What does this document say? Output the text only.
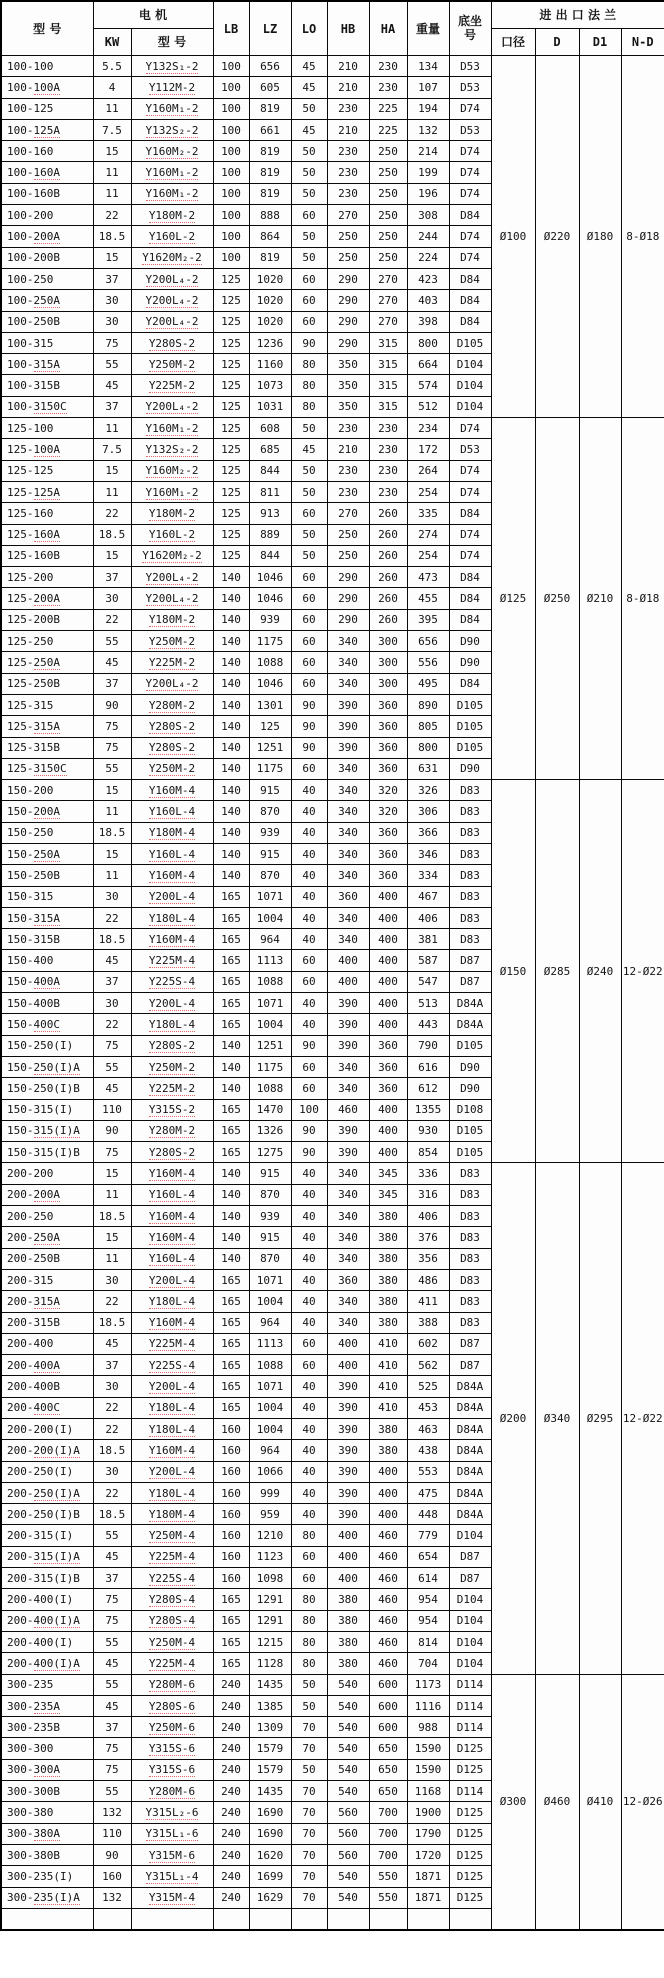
型 号	电 机		LB	LZ	LO	HB	HA	重量	底坐
号	进 出 口 法 兰			
	KW	型 号								口径	D	D1	N-D
100-100	5.5	Y132S₁-2	100	656	45	210	230	134	D53	Ø100	Ø220	Ø180	8-Ø18
100-100A	4	Y112M-2	100	605	45	210	230	107	D53				
100-125	11	Y160M₁-2	100	819	50	230	225	194	D74				
100-125A	7.5	Y132S₂-2	100	661	45	210	225	132	D53				
100-160	15	Y160M₂-2	100	819	50	230	250	214	D74				
100-160A	11	Y160M₁-2	100	819	50	230	250	199	D74				
100-160B	11	Y160M₁-2	100	819	50	230	250	196	D74				
100-200	22	Y180M-2	100	888	60	270	250	308	D84				
100-200A	18.5	Y160L-2	100	864	50	250	250	244	D74				
100-200B	15	Y1620M₂-2	100	819	50	250	250	224	D74				
100-250	37	Y200L₄-2	125	1020	60	290	270	423	D84				
100-250A	30	Y200L₄-2	125	1020	60	290	270	403	D84				
100-250B	30	Y200L₄-2	125	1020	60	290	270	398	D84				
100-315	75	Y280S-2	125	1236	90	290	315	800	D105				
100-315A	55	Y250M-2	125	1160	80	350	315	664	D104				
100-315B	45	Y225M-2	125	1073	80	350	315	574	D104				
100-3150C	37	Y200L₄-2	125	1031	80	350	315	512	D104				
125-100	11	Y160M₁-2	125	608	50	230	230	234	D74	Ø125	Ø250	Ø210	8-Ø18
125-100A	7.5	Y132S₂-2	125	685	45	210	230	172	D53				
125-125	15	Y160M₂-2	125	844	50	230	230	264	D74				
125-125A	11	Y160M₁-2	125	811	50	230	230	254	D74				
125-160	22	Y180M-2	125	913	60	270	260	335	D84				
125-160A	18.5	Y160L-2	125	889	50	250	260	274	D74				
125-160B	15	Y1620M₂-2	125	844	50	250	260	254	D74				
125-200	37	Y200L₄-2	140	1046	60	290	260	473	D84				
125-200A	30	Y200L₄-2	140	1046	60	290	260	455	D84				
125-200B	22	Y180M-2	140	939	60	290	260	395	D84				
125-250	55	Y250M-2	140	1175	60	340	300	656	D90				
125-250A	45	Y225M-2	140	1088	60	340	300	556	D90				
125-250B	37	Y200L₄-2	140	1046	60	340	300	495	D84				
125-315	90	Y280M-2	140	1301	90	390	360	890	D105				
125-315A	75	Y280S-2	140	125	90	390	360	805	D105				
125-315B	75	Y280S-2	140	1251	90	390	360	800	D105				
125-3150C	55	Y250M-2	140	1175	60	340	360	631	D90				
150-200	15	Y160M-4	140	915	40	340	320	326	D83	Ø150	Ø285	Ø240	12-Ø22
150-200A	11	Y160L-4	140	870	40	340	320	306	D83				
150-250	18.5	Y180M-4	140	939	40	340	360	366	D83				
150-250A	15	Y160L-4	140	915	40	340	360	346	D83				
150-250B	11	Y160M-4	140	870	40	340	360	334	D83				
150-315	30	Y200L-4	165	1071	40	360	400	467	D83				
150-315A	22	Y180L-4	165	1004	40	340	400	406	D83				
150-315B	18.5	Y160M-4	165	964	40	340	400	381	D83				
150-400	45	Y225M-4	165	1113	60	400	400	587	D87				
150-400A	37	Y225S-4	165	1088	60	400	400	547	D87				
150-400B	30	Y200L-4	165	1071	40	390	400	513	D84A				
150-400C	22	Y180L-4	165	1004	40	390	400	443	D84A				
150-250(I)	75	Y280S-2	140	1251	90	390	360	790	D105				
150-250(I)A	55	Y250M-2	140	1175	60	340	360	616	D90				
150-250(I)B	45	Y225M-2	140	1088	60	340	360	612	D90				
150-315(I)	110	Y315S-2	165	1470	100	460	400	1355	D108				
150-315(I)A	90	Y280M-2	165	1326	90	390	400	930	D105				
150-315(I)B	75	Y280S-2	165	1275	90	390	400	854	D105				
200-200	15	Y160M-4	140	915	40	340	345	336	D83	Ø200	Ø340	Ø295	12-Ø22
200-200A	11	Y160L-4	140	870	40	340	345	316	D83				
200-250	18.5	Y160M-4	140	939	40	340	380	406	D83				
200-250A	15	Y160M-4	140	915	40	340	380	376	D83				
200-250B	11	Y160L-4	140	870	40	340	380	356	D83				
200-315	30	Y200L-4	165	1071	40	360	380	486	D83				
200-315A	22	Y180L-4	165	1004	40	340	380	411	D83				
200-315B	18.5	Y160M-4	165	964	40	340	380	388	D83				
200-400	45	Y225M-4	165	1113	60	400	410	602	D87				
200-400A	37	Y225S-4	165	1088	60	400	410	562	D87				
200-400B	30	Y200L-4	165	1071	40	390	410	525	D84A				
200-400C	22	Y180L-4	165	1004	40	390	410	453	D84A				
200-200(I)	22	Y180L-4	160	1004	40	390	380	463	D84A				
200-200(I)A	18.5	Y160M-4	160	964	40	390	380	438	D84A				
200-250(I)	30	Y200L-4	160	1066	40	390	400	553	D84A				
200-250(I)A	22	Y180L-4	160	999	40	390	400	475	D84A				
200-250(I)B	18.5	Y180M-4	160	959	40	390	400	448	D84A				
200-315(I)	55	Y250M-4	160	1210	80	400	460	779	D104				
200-315(I)A	45	Y225M-4	160	1123	60	400	460	654	D87				
200-315(I)B	37	Y225S-4	160	1098	60	400	460	614	D87				
200-400(I)	75	Y280S-4	165	1291	80	380	460	954	D104				
200-400(I)A	75	Y280S-4	165	1291	80	380	460	954	D104				
200-400(I)	55	Y250M-4	165	1215	80	380	460	814	D104				
200-400(I)A	45	Y225M-4	165	1128	80	380	460	704	D104				
300-235	55	Y280M-6	240	1435	50	540	600	1173	D114	Ø300	Ø460	Ø410	12-Ø26
300-235A	45	Y280S-6	240	1385	50	540	600	1116	D114				
300-235B	37	Y250M-6	240	1309	70	540	600	988	D114				
300-300	75	Y315S-6	240	1579	70	540	650	1590	D125				
300-300A	75	Y315S-6	240	1579	50	540	650	1590	D125				
300-300B	55	Y280M-6	240	1435	70	540	650	1168	D114				
300-380	132	Y315L₂-6	240	1690	70	560	700	1900	D125				
300-380A	110	Y315L₁-6	240	1690	70	560	700	1790	D125				
300-380B	90	Y315M-6	240	1620	70	560	700	1720	D125				
300-235(I)	160	Y315L₁-4	240	1699	70	540	550	1871	D125				
300-235(I)A	132	Y315M-4	240	1629	70	540	550	1871	D125				
